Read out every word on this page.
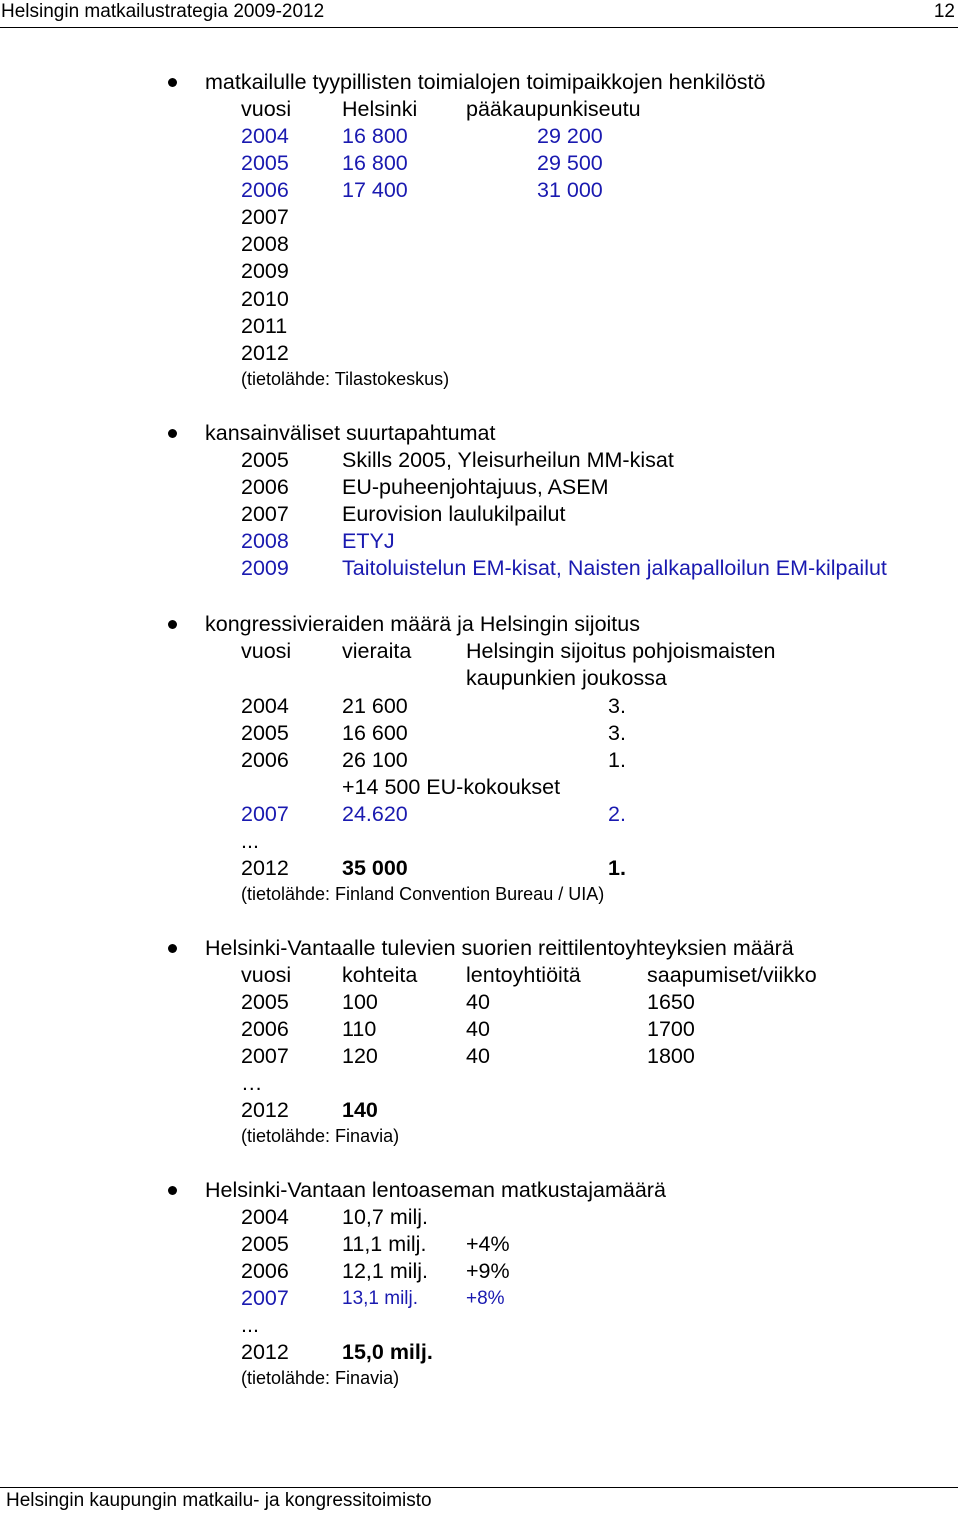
Helsingin matkailustrategia 2009-2012	12
matkailulle tyypillisten toimialojen toimipaikkojen henkilöstö
vuosi Helsinki pääkaupunkiseutu
2004 16 800	29 200
2005 16 800	29 500
2006 17 400	31 000
2007
2008
2009
2010
2011
2012
(tietolähde: Tilastokeskus)
kansainväliset suurtapahtumat
2005 Skills 2005, Yleisurheilun MM-kisat
2006 EU-puheenjohtajuus, ASEM
2007 Eurovision laulukilpailut
2008 ETYJ
2009 Taitoluistelun EM-kisat, Naisten jalkapalloilun EM-kilpailut
kongressivieraiden määrä ja Helsingin sijoitus
vuosi vieraita	Helsingin sijoitus pohjoismaisten
kaupunkien joukossa
2004 21 600	3.
2005 16 600	3.
2006 26 100	1.
+14 500 EU-kokoukset
2007 24.620	2.
...
2012 35 000	1.
(tietolähde: Finland Convention Bureau / UIA)
Helsinki-Vantaalle tulevien suorien reittilentoyhteyksien määrä
vuosi kohteita lentoyhtiöitä	saapumiset/viikko
2005 100	40	1650
2006 110	40	1700
2007 120	40	1800
…
2012 140
(tietolähde: Finavia)
Helsinki-Vantaan lentoaseman matkustajamäärä
2004 10,7 milj.
2005 11,1 milj. +4%
2006 12,1 milj. +9%
2007	13,1 milj.	+8%
...
2012 15,0 milj.
(tietolähde: Finavia)
Helsingin kaupungin matkailu- ja kongressitoimisto
